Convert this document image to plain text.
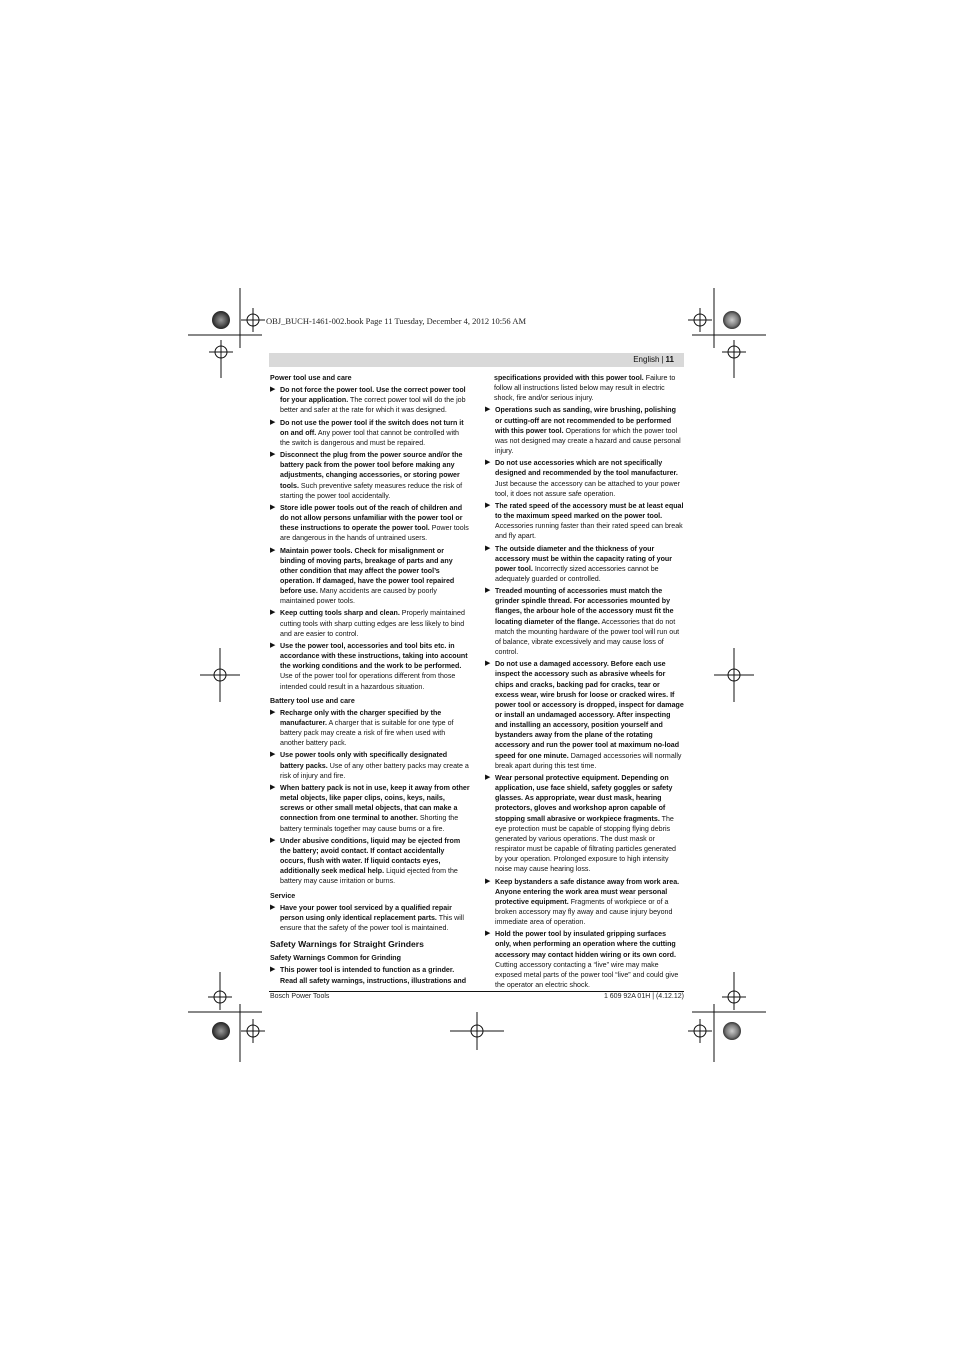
OBJ_BUCH-1461-002.book Page 11 Tuesday, December 4, 2012 10:56 AM
English | 11
Power tool use and care
▶ Do not force the power tool. Use the correct power tool for your application. The correct power tool will do the job better and safer at the rate for which it was designed.
▶ Do not use the power tool if the switch does not turn it on and off. Any power tool that cannot be controlled with the switch is dangerous and must be repaired.
▶ Disconnect the plug from the power source and/or the battery pack from the power tool before making any adjustments, changing accessories, or storing power tools. Such preventive safety measures reduce the risk of starting the power tool accidentally.
▶ Store idle power tools out of the reach of children and do not allow persons unfamiliar with the power tool or these instructions to operate the power tool. Power tools are dangerous in the hands of untrained users.
▶ Maintain power tools. Check for misalignment or binding of moving parts, breakage of parts and any other condition that may affect the power tool’s operation. If damaged, have the power tool repaired before use. Many accidents are caused by poorly maintained power tools.
▶ Keep cutting tools sharp and clean. Properly maintained cutting tools with sharp cutting edges are less likely to bind and are easier to control.
▶ Use the power tool, accessories and tool bits etc. in accordance with these instructions, taking into account the working conditions and the work to be performed. Use of the power tool for operations different from those intended could result in a hazardous situation.
Battery tool use and care
▶ Recharge only with the charger specified by the manufacturer. A charger that is suitable for one type of battery pack may create a risk of fire when used with another battery pack.
▶ Use power tools only with specifically designated battery packs. Use of any other battery packs may create a risk of injury and fire.
▶ When battery pack is not in use, keep it away from other metal objects, like paper clips, coins, keys, nails, screws or other small metal objects, that can make a connection from one terminal to another. Shorting the battery terminals together may cause burns or a fire.
▶ Under abusive conditions, liquid may be ejected from the battery; avoid contact. If contact accidentally occurs, flush with water. If liquid contacts eyes, additionally seek medical help. Liquid ejected from the battery may cause irritation or burns.
Service
▶ Have your power tool serviced by a qualified repair person using only identical replacement parts. This will ensure that the safety of the power tool is maintained.
Safety Warnings for Straight Grinders
Safety Warnings Common for Grinding
▶ This power tool is intended to function as a grinder. Read all safety warnings, instructions, illustrations and
specifications provided with this power tool. Failure to follow all instructions listed below may result in electric shock, fire and/or serious injury.
▶ Operations such as sanding, wire brushing, polishing or cutting-off are not recommended to be performed with this power tool. Operations for which the power tool was not designed may create a hazard and cause personal injury.
▶ Do not use accessories which are not specifically designed and recommended by the tool manufacturer. Just because the accessory can be attached to your power tool, it does not assure safe operation.
▶ The rated speed of the accessory must be at least equal to the maximum speed marked on the power tool. Accessories running faster than their rated speed can break and fly apart.
▶ The outside diameter and the thickness of your accessory must be within the capacity rating of your power tool. Incorrectly sized accessories cannot be adequately guarded or controlled.
▶ Treaded mounting of accessories must match the grinder spindle thread. For accessories mounted by flanges, the arbour hole of the accessory must fit the locating diameter of the flange. Accessories that do not match the mounting hardware of the power tool will run out of balance, vibrate excessively and may cause loss of control.
▶ Do not use a damaged accessory. Before each use inspect the accessory such as abrasive wheels for chips and cracks, backing pad for cracks, tear or excess wear, wire brush for loose or cracked wires. If power tool or accessory is dropped, inspect for damage or install an undamaged accessory. After inspecting and installing an accessory, position yourself and bystanders away from the plane of the rotating accessory and run the power tool at maximum no-load speed for one minute. Damaged accessories will normally break apart during this test time.
▶ Wear personal protective equipment. Depending on application, use face shield, safety goggles or safety glasses. As appropriate, wear dust mask, hearing protectors, gloves and workshop apron capable of stopping small abrasive or workpiece fragments. The eye protection must be capable of stopping flying debris generated by various operations. The dust mask or respirator must be capable of filtrating particles generated by your operation. Prolonged exposure to high intensity noise may cause hearing loss.
▶ Keep bystanders a safe distance away from work area. Anyone entering the work area must wear personal protective equipment. Fragments of workpiece or of a broken accessory may fly away and cause injury beyond immediate area of operation.
▶ Hold the power tool by insulated gripping surfaces only, when performing an operation where the cutting accessory may contact hidden wiring or its own cord. Cutting accessory contacting a “live” wire may make exposed metal parts of the power tool “live” and could give the operator an electric shock.
Bosch Power Tools	1 609 92A 01H | (4.12.12)
